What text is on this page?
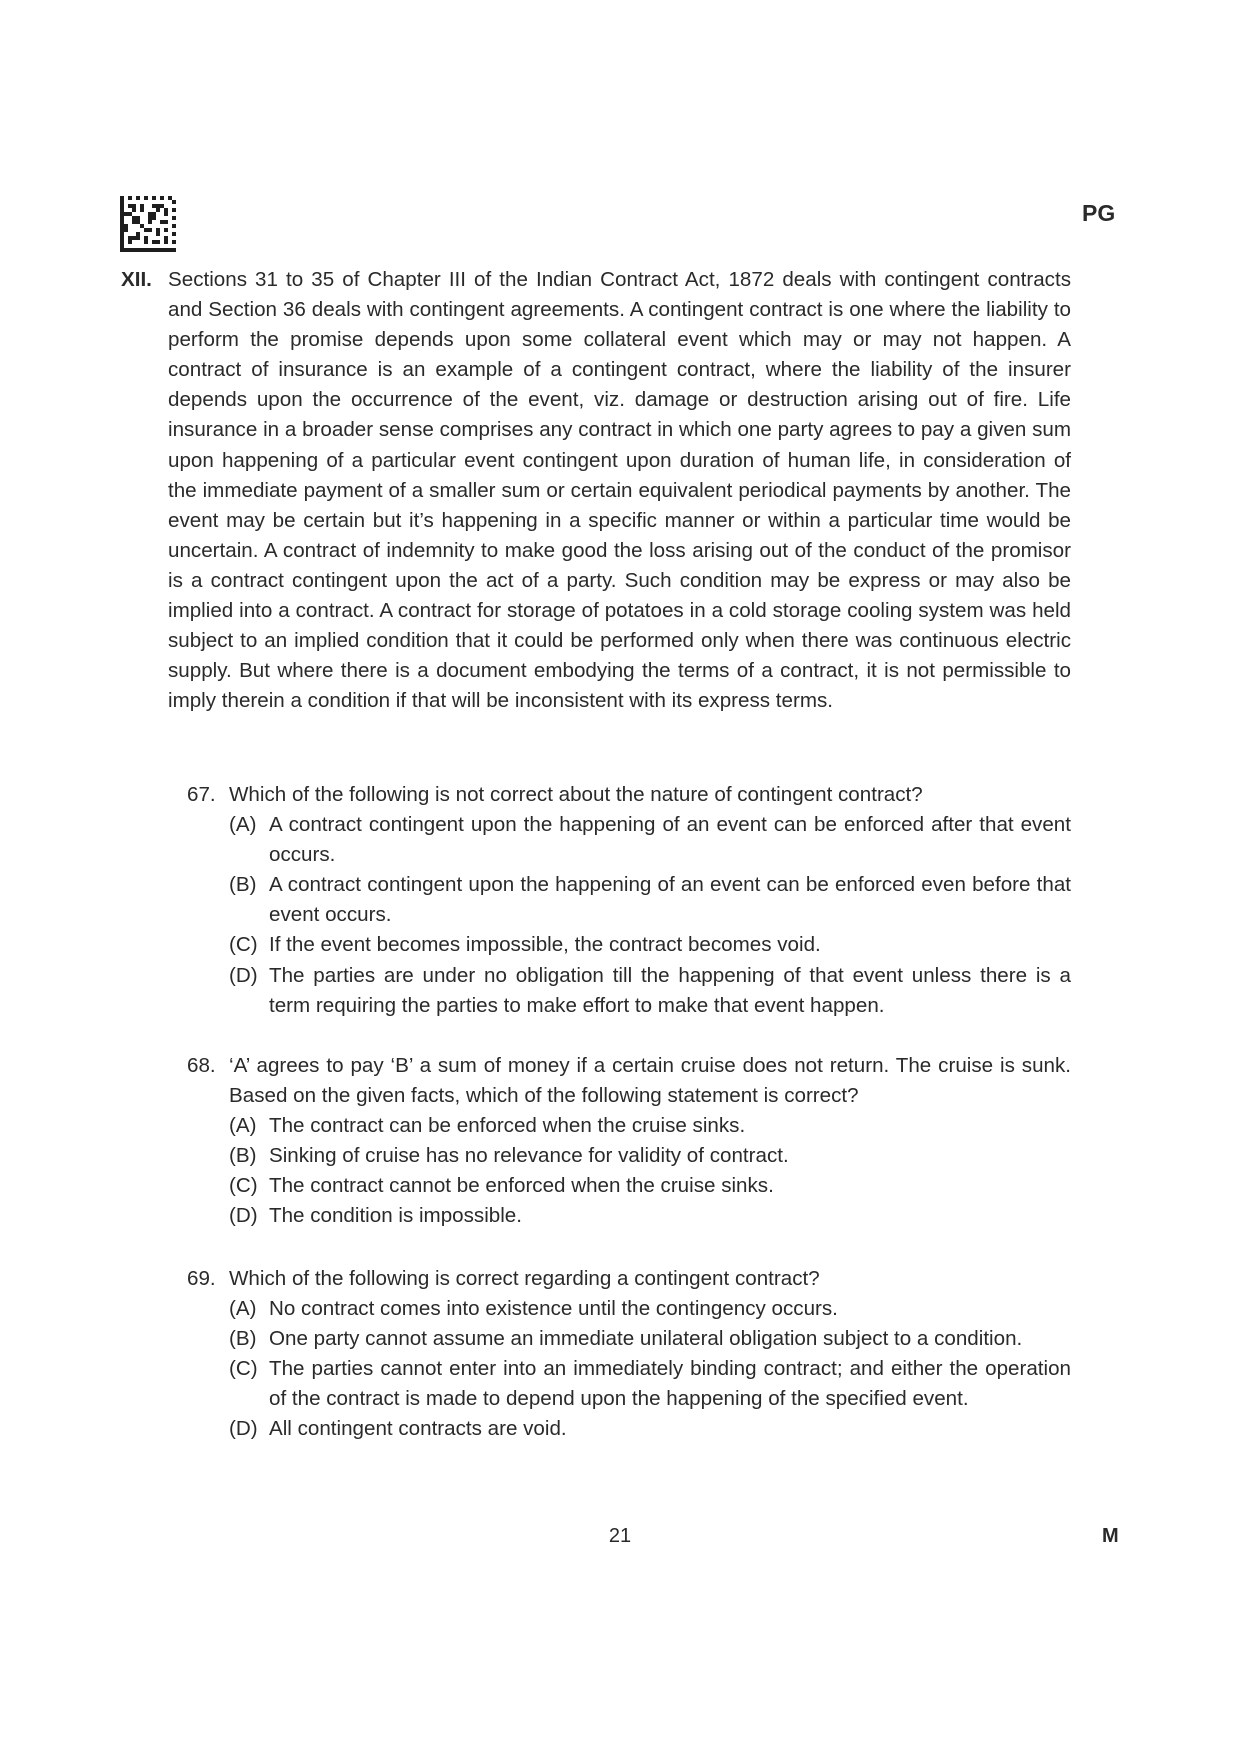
PG
XII. Sections 31 to 35 of Chapter III of the Indian Contract Act, 1872 deals with contingent contracts and Section 36 deals with contingent agreements. A contingent contract is one where the liability to perform the promise depends upon some collateral event which may or may not happen. A contract of insurance is an example of a contingent contract, where the liability of the insurer depends upon the occurrence of the event, viz. damage or destruction arising out of fire. Life insurance in a broader sense comprises any contract in which one party agrees to pay a given sum upon happening of a particular event contingent upon duration of human life, in consideration of the immediate payment of a smaller sum or certain equivalent periodical payments by another. The event may be certain but it’s happening in a specific manner or within a particular time would be uncertain. A contract of indemnity to make good the loss arising out of the conduct of the promisor is a contract contingent upon the act of a party. Such condition may be express or may also be implied into a contract. A contract for storage of potatoes in a cold storage cooling system was held subject to an implied condition that it could be performed only when there was continuous electric supply. But where there is a document embodying the terms of a contract, it is not permissible to imply therein a condition if that will be inconsistent with its express terms.
67. Which of the following is not correct about the nature of contingent contract?
(A) A contract contingent upon the happening of an event can be enforced after that event occurs.
(B) A contract contingent upon the happening of an event can be enforced even before that event occurs.
(C) If the event becomes impossible, the contract becomes void.
(D) The parties are under no obligation till the happening of that event unless there is a term requiring the parties to make effort to make that event happen.
68. ‘A’ agrees to pay ‘B’ a sum of money if a certain cruise does not return. The cruise is sunk. Based on the given facts, which of the following statement is correct?
(A) The contract can be enforced when the cruise sinks.
(B) Sinking of cruise has no relevance for validity of contract.
(C) The contract cannot be enforced when the cruise sinks.
(D) The condition is impossible.
69. Which of the following is correct regarding a contingent contract?
(A) No contract comes into existence until the contingency occurs.
(B) One party cannot assume an immediate unilateral obligation subject to a condition.
(C) The parties cannot enter into an immediately binding contract; and either the operation of the contract is made to depend upon the happening of the specified event.
(D) All contingent contracts are void.
21	M
